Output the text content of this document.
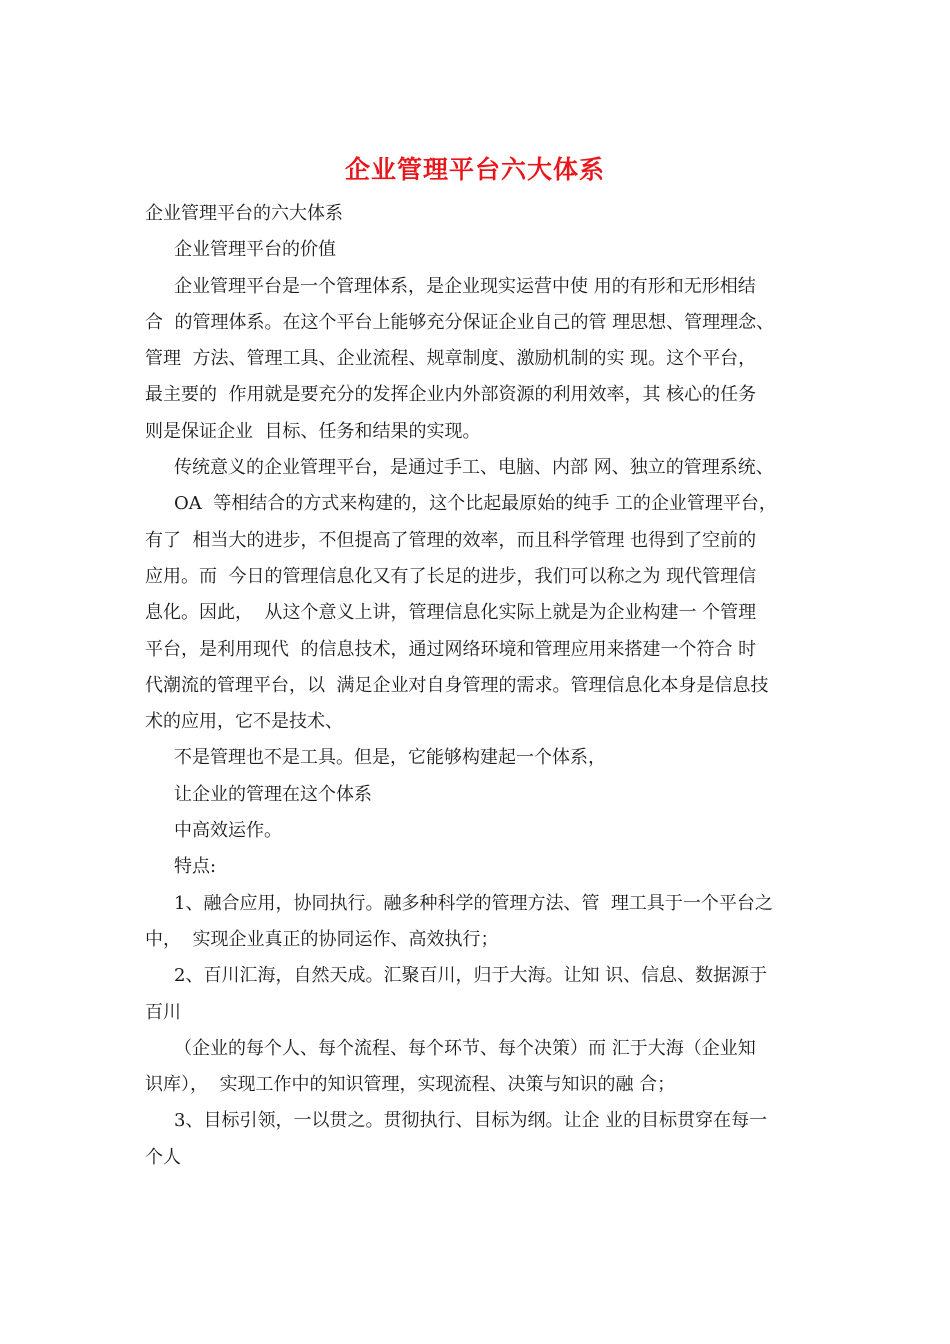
企业管理平台六大体系
企业管理平台的六大体系
企业管理平台的价值
企业管理平台是一个管理体系，是企业现实运营中使 用的有形和无形相结
合  的管理体系。在这个平台上能够充分保证企业自己的管 理思想、管理理念、
管理  方法、管理工具、企业流程、规章制度、激励机制的实 现。这个平台，
最主要的  作用就是要充分的发挥企业内外部资源的利用效率，其 核心的任务
则是保证企业  目标、任务和结果的实现。
传统意义的企业管理平台，是通过手工、电脑、内部 网、独立的管理系统、
OA  等相结合的方式来构建的，这个比起最原始的纯手 工的企业管理平台，
有了  相当大的进步，不但提高了管理的效率，而且科学管理 也得到了空前的
应用。而  今日的管理信息化又有了长足的进步，我们可以称之为 现代管理信
息化。因此，  从这个意义上讲，管理信息化实际上就是为企业构建一 个管理
平台，是利用现代  的信息技术，通过网络环境和管理应用来搭建一个符合 时
代潮流的管理平台，以  满足企业对自身管理的需求。管理信息化本身是信息技
术的应用，它不是技术、
不是管理也不是工具。但是，它能够构建起一个体系，
让企业的管理在这个体系
中高效运作。
特点:
1、融合应用，协同执行。融多种科学的管理方法、管  理工具于一个平台之
中，  实现企业真正的协同运作、高效执行；
2、百川汇海，自然天成。汇聚百川，归于大海。让知 识、信息、数据源于
百川
（企业的每个人、每个流程、每个环节、每个决策）而 汇于大海（企业知
识库），  实现工作中的知识管理，实现流程、决策与知识的融 合；
3、目标引领，一以贯之。贯彻执行、目标为纲。让企 业的目标贯穿在每一
个人
